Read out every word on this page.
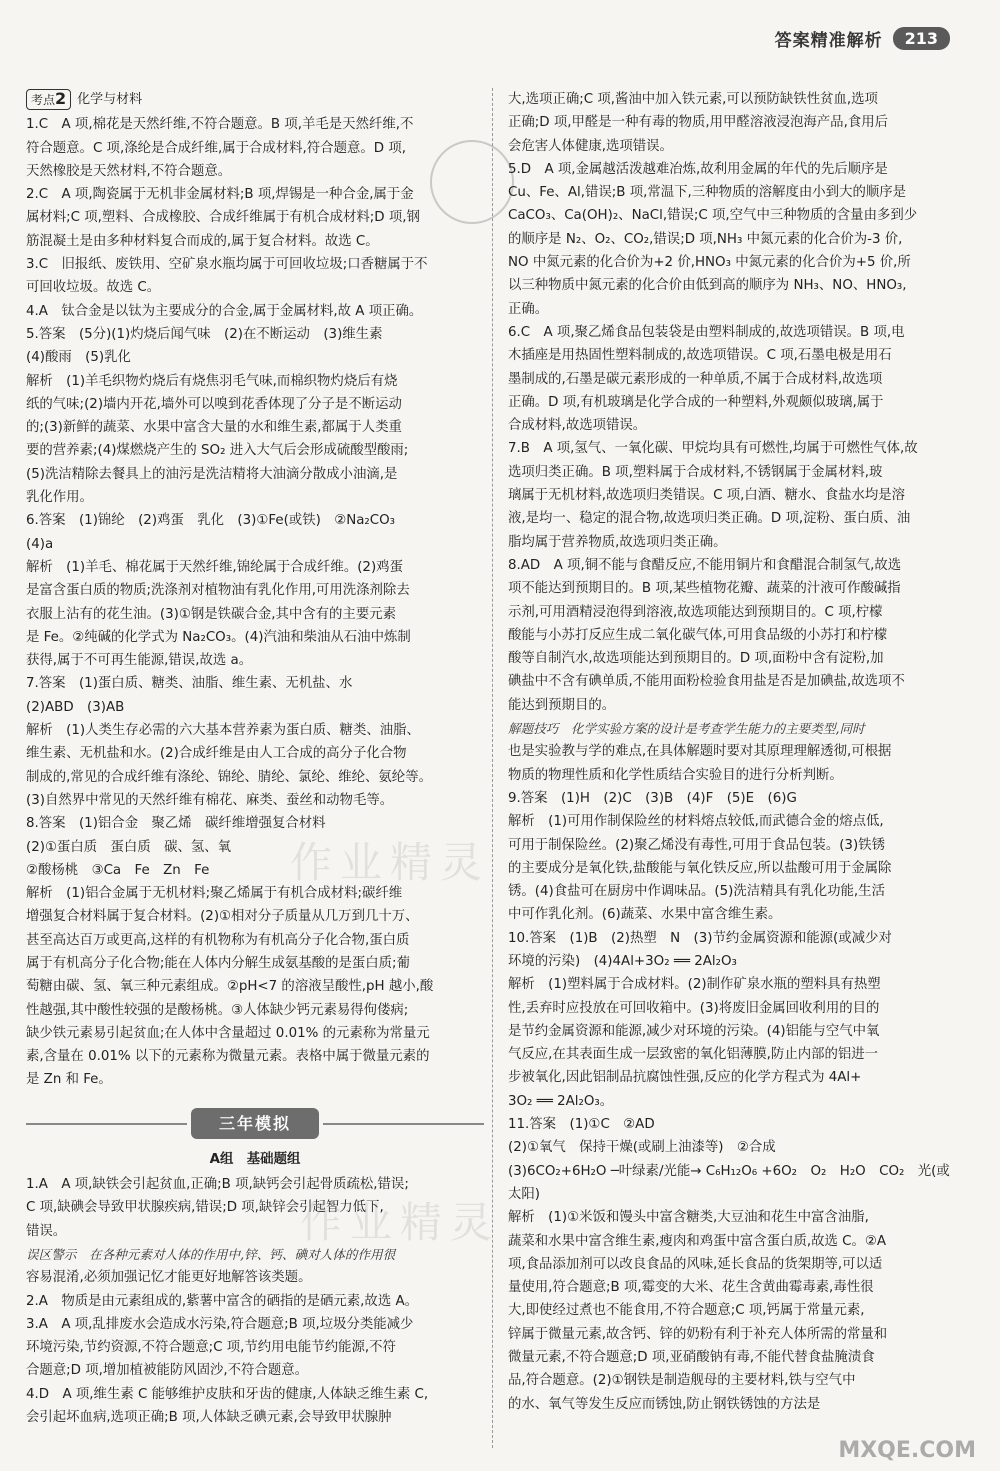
答案精准解析	213
考点2 化学与材料

1.C　A 项,棉花是天然纤维,不符合题意。B 项,羊毛是天然纤维,不

符合题意。C 项,涤纶是合成纤维,属于合成材料,符合题意。D 项,

天然橡胶是天然材料,不符合题意。

2.C　A 项,陶瓷属于无机非金属材料;B 项,焊锡是一种合金,属于金

属材料;C 项,塑料、合成橡胶、合成纤维属于有机合成材料;D 项,钢

筋混凝土是由多种材料复合而成的,属于复合材料。故选 C。

3.C　旧报纸、废铁用、空矿泉水瓶均属于可回收垃圾;口香糖属于不

可回收垃圾。故选 C。

4.A　钛合金是以钛为主要成分的合金,属于金属材料,故 A 项正确。

5.答案　(5分)(1)灼烧后闻气味　(2)在不断运动　(3)维生素

(4)酸雨　(5)乳化

解析　(1)羊毛织物灼烧后有烧焦羽毛气味,而棉织物灼烧后有烧

纸的气味;(2)墙内开花,墙外可以嗅到花香体现了分子是不断运动

的;(3)新鲜的蔬菜、水果中富含大量的水和维生素,都属于人类重

要的营养素;(4)煤燃烧产生的 SO₂ 进入大气后会形成硫酸型酸雨;

(5)洗洁精除去餐具上的油污是洗洁精将大油滴分散成小油滴,是

乳化作用。

6.答案　(1)锦纶　(2)鸡蛋　乳化　(3)①Fe(或铁)　②Na₂CO₃

(4)a

解析　(1)羊毛、棉花属于天然纤维,锦纶属于合成纤维。(2)鸡蛋

是富含蛋白质的物质;洗涤剂对植物油有乳化作用,可用洗涤剂除去

衣服上沾有的花生油。(3)①钢是铁碳合金,其中含有的主要元素

是 Fe。②纯碱的化学式为 Na₂CO₃。(4)汽油和柴油从石油中炼制

获得,属于不可再生能源,错误,故选 a。

7.答案　(1)蛋白质、糖类、油脂、维生素、无机盐、水

(2)ABD　(3)AB

解析　(1)人类生存必需的六大基本营养素为蛋白质、糖类、油脂、

维生素、无机盐和水。(2)合成纤维是由人工合成的高分子化合物

制成的,常见的合成纤维有涤纶、锦纶、腈纶、氯纶、维纶、氨纶等。

(3)自然界中常见的天然纤维有棉花、麻类、蚕丝和动物毛等。

8.答案　(1)铝合金　聚乙烯　碳纤维增强复合材料

(2)①蛋白质　蛋白质　碳、氢、氧

②酸杨桃　③Ca　Fe　Zn　Fe

解析　(1)铝合金属于无机材料;聚乙烯属于有机合成材料;碳纤维

增强复合材料属于复合材料。(2)①相对分子质量从几万到几十万、

甚至高达百万或更高,这样的有机物称为有机高分子化合物,蛋白质

属于有机高分子化合物;能在人体内分解生成氨基酸的是蛋白质;葡

萄糖由碳、氢、氧三种元素组成。②pH<7 的溶液呈酸性,pH 越小,酸

性越强,其中酸性较强的是酸杨桃。③人体缺少钙元素易得佝偻病;

缺少铁元素易引起贫血;在人体中含量超过 0.01% 的元素称为常量元

素,含量在 0.01% 以下的元素称为微量元素。表格中属于微量元素的

是 Zn 和 Fe。

三年模拟
A组　基础题组

1.A　A 项,缺铁会引起贫血,正确;B 项,缺钙会引起骨质疏松,错误;

C 项,缺碘会导致甲状腺疾病,错误;D 项,缺锌会引起智力低下,

错误。

误区警示　在各种元素对人体的作用中,锌、钙、碘对人体的作用很

容易混淆,必须加强记忆才能更好地解答该类题。

2.A　物质是由元素组成的,紫薯中富含的硒指的是硒元素,故选 A。

3.A　A 项,乱排废水会造成水污染,符合题意;B 项,垃圾分类能减少

环境污染,节约资源,不符合题意;C 项,节约用电能节约能源,不符

合题意;D 项,增加植被能防风固沙,不符合题意。

4.D　A 项,维生素 C 能够维护皮肤和牙齿的健康,人体缺乏维生素 C,

会引起坏血病,选项正确;B 项,人体缺乏碘元素,会导致甲状腺肿

大,选项正确;C 项,酱油中加入铁元素,可以预防缺铁性贫血,选项

正确;D 项,甲醛是一种有毒的物质,用甲醛溶液浸泡海产品,食用后

会危害人体健康,选项错误。

5.D　A 项,金属越活泼越难冶炼,故利用金属的年代的先后顺序是

Cu、Fe、Al,错误;B 项,常温下,三种物质的溶解度由小到大的顺序是

CaCO₃、Ca(OH)₂、NaCl,错误;C 项,空气中三种物质的含量由多到少

的顺序是 N₂、O₂、CO₂,错误;D 项,NH₃ 中氮元素的化合价为-3 价,

NO 中氮元素的化合价为+2 价,HNO₃ 中氮元素的化合价为+5 价,所

以三种物质中氮元素的化合价由低到高的顺序为 NH₃、NO、HNO₃,

正确。

6.C　A 项,聚乙烯食品包装袋是由塑料制成的,故选项错误。B 项,电

木插座是用热固性塑料制成的,故选项错误。C 项,石墨电极是用石

墨制成的,石墨是碳元素形成的一种单质,不属于合成材料,故选项

正确。D 项,有机玻璃是化学合成的一种塑料,外观颇似玻璃,属于

合成材料,故选项错误。

7.B　A 项,氢气、一氧化碳、甲烷均具有可燃性,均属于可燃性气体,故

选项归类正确。B 项,塑料属于合成材料,不锈钢属于金属材料,玻

璃属于无机材料,故选项归类错误。C 项,白酒、糖水、食盐水均是溶

液,是均一、稳定的混合物,故选项归类正确。D 项,淀粉、蛋白质、油

脂均属于营养物质,故选项归类正确。

8.AD　A 项,铜不能与食醋反应,不能用铜片和食醋混合制氢气,故选

项不能达到预期目的。B 项,某些植物花瓣、蔬菜的汁液可作酸碱指

示剂,可用酒精浸泡得到溶液,故选项能达到预期目的。C 项,柠檬

酸能与小苏打反应生成二氧化碳气体,可用食品级的小苏打和柠檬

酸等自制汽水,故选项能达到预期目的。D 项,面粉中含有淀粉,加

碘盐中不含有碘单质,不能用面粉检验食用盐是否是加碘盐,故选项不

能达到预期目的。

解题技巧　化学实验方案的设计是考查学生能力的主要类型,同时

也是实验教与学的难点,在具体解题时要对其原理理解透彻,可根据

物质的物理性质和化学性质结合实验目的进行分析判断。

9.答案　(1)H　(2)C　(3)B　(4)F　(5)E　(6)G

解析　(1)可用作制保险丝的材料熔点较低,而武德合金的熔点低,

可用于制保险丝。(2)聚乙烯没有毒性,可用于食品包装。(3)铁锈

的主要成分是氧化铁,盐酸能与氧化铁反应,所以盐酸可用于金属除

锈。(4)食盐可在厨房中作调味品。(5)洗洁精具有乳化功能,生活

中可作乳化剂。(6)蔬菜、水果中富含维生素。

10.答案　(1)B　(2)热塑　N　(3)节约金属资源和能源(或减少对

环境的污染)　(4)4Al+3O₂ ══ 2Al₂O₃

解析　(1)塑料属于合成材料。(2)制作矿泉水瓶的塑料具有热塑

性,丢弃时应投放在可回收箱中。(3)将废旧金属回收利用的目的

是节约金属资源和能源,减少对环境的污染。(4)铝能与空气中氧

气反应,在其表面生成一层致密的氧化铝薄膜,防止内部的铝进一

步被氧化,因此铝制品抗腐蚀性强,反应的化学方程式为 4Al+

3O₂ ══ 2Al₂O₃。

11.答案　(1)①C　②AD

(2)①氧气　保持干燥(或刷上油漆等)　②合成

(3)6CO₂+6H₂O ─叶绿素/光能→ C₆H₁₂O₆ +6O₂　O₂　H₂O　CO₂　光(或

太阳)

解析　(1)①米饭和馒头中富含糖类,大豆油和花生中富含油脂,

蔬菜和水果中富含维生素,瘦肉和鸡蛋中富含蛋白质,故选 C。②A

项,食品添加剂可以改良食品的风味,延长食品的货架期等,可以适

量使用,符合题意;B 项,霉变的大米、花生含黄曲霉毒素,毒性很

大,即使经过煮也不能食用,不符合题意;C 项,钙属于常量元素,

锌属于微量元素,故含钙、锌的奶粉有利于补充人体所需的常量和

微量元素,不符合题意;D 项,亚硝酸钠有毒,不能代替食盐腌渍食

品,符合题意。(2)①钢铁是制造舰母的主要材料,铁与空气中

的水、氧气等发生反应而锈蚀,防止钢铁锈蚀的方法是

作业精灵
作业精灵
MXQE.COM
